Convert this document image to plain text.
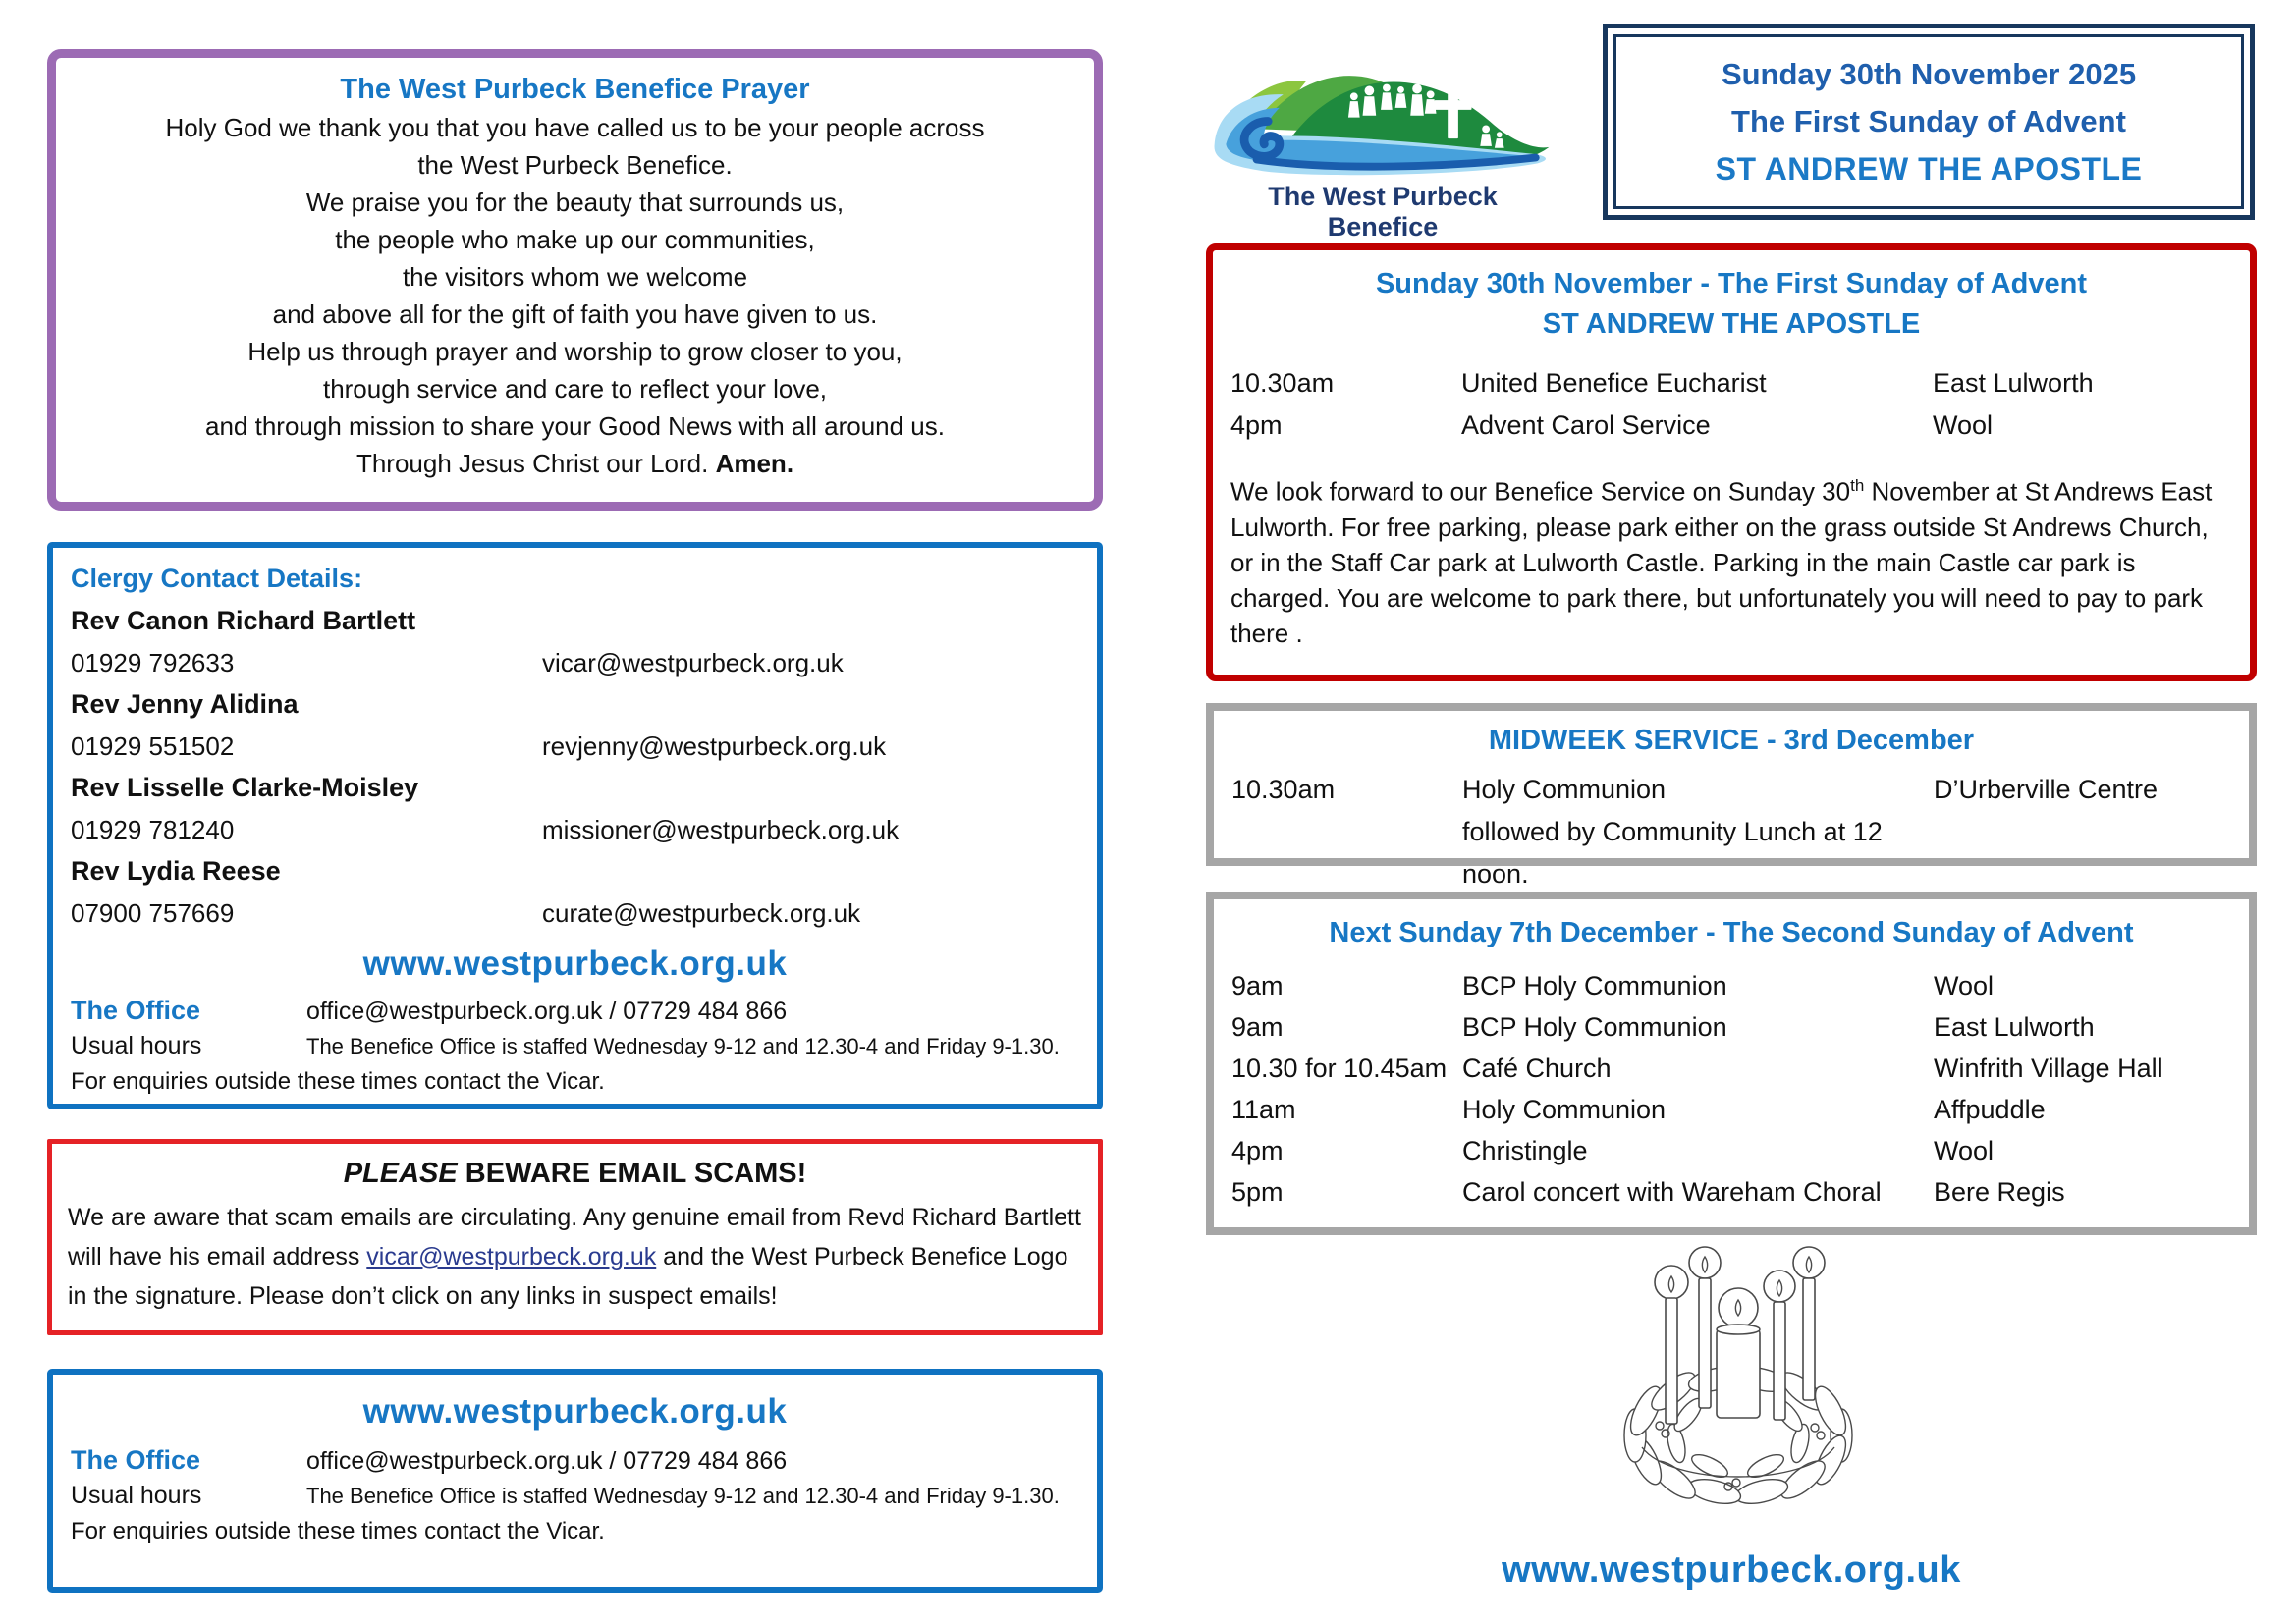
The West Purbeck Benefice Prayer
Holy God we thank you that you have called us to be your people across
the West Purbeck Benefice.
We praise you for the beauty that surrounds us,
the people who make up our communities,
the visitors whom we welcome
and above all for the gift of faith you have given to us.
Help us through prayer and worship to grow closer to you,
through service and care to reflect your love,
and through mission to share your Good News with all around us.
Through Jesus Christ our Lord. Amen.
Clergy Contact Details:
Rev Canon Richard Bartlett
01929 792633	vicar@westpurbeck.org.uk
Rev Jenny Alidina
01929 551502	revjenny@westpurbeck.org.uk
Rev Lisselle Clarke-Moisley
01929 781240	missioner@westpurbeck.org.uk
Rev Lydia Reese
07900 757669	curate@westpurbeck.org.uk
www.westpurbeck.org.uk
The Office	office@westpurbeck.org.uk / 07729 484 866
Usual hours	The Benefice Office is staffed Wednesday 9-12 and 12.30-4 and Friday 9-1.30.
For enquiries outside these times contact the Vicar.
PLEASE BEWARE EMAIL SCAMS!
We are aware that scam emails are circulating. Any genuine email from Revd Richard Bartlett will have his email address vicar@westpurbeck.org.uk and the West Purbeck Benefice Logo in the signature. Please don’t click on any links in suspect emails!
www.westpurbeck.org.uk
The Office	office@westpurbeck.org.uk / 07729 484 866
Usual hours	The Benefice Office is staffed Wednesday 9-12 and 12.30-4 and Friday 9-1.30.
For enquiries outside these times contact the Vicar.
The West Purbeck Benefice
Sunday 30th November 2025
The First Sunday of Advent
ST ANDREW THE APOSTLE
Sunday 30th November - The First Sunday of Advent
ST ANDREW THE APOSTLE
10.30am	United Benefice Eucharist	East Lulworth
4pm	Advent Carol Service	Wool
We look forward to our Benefice Service on Sunday 30th November at St Andrews East Lulworth. For free parking, please park either on the grass outside St Andrews Church, or in the Staff Car park at Lulworth Castle. Parking in the main Castle car park is charged. You are welcome to park there, but unfortunately you will need to pay to park there .
MIDWEEK SERVICE - 3rd December
10.30am	Holy Communion	D’Urberville Centre
followed by Community Lunch at 12 noon.
Next Sunday 7th December - The Second Sunday of Advent
9am	BCP Holy Communion	Wool
9am	BCP Holy Communion	East Lulworth
10.30 for 10.45am Café Church	Winfrith Village Hall
11am	Holy Communion	Affpuddle
4pm	Christingle	Wool
5pm	Carol concert with Wareham Choral	Bere Regis
www.westpurbeck.org.uk
